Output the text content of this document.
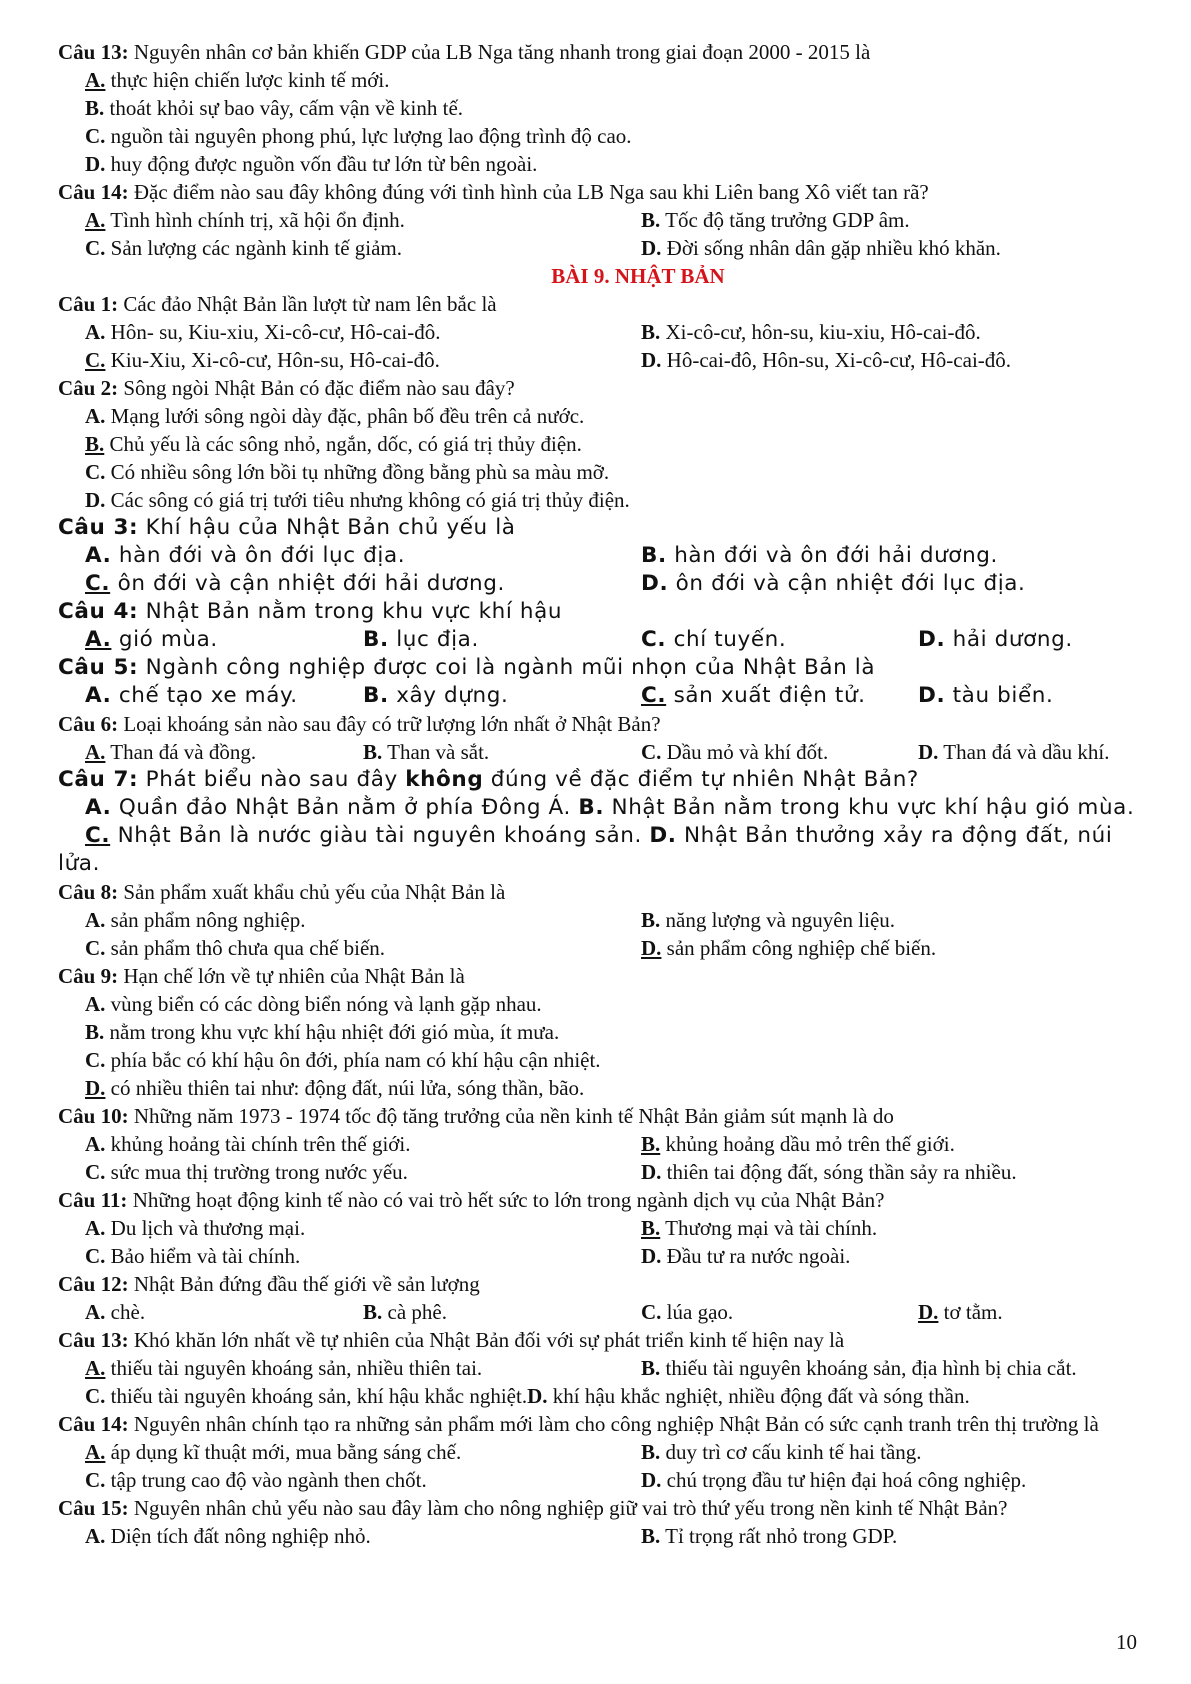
Câu 13: Nguyên nhân cơ bản khiến GDP của LB Nga tăng nhanh trong giai đoạn 2000 - 2015 là
A. thực hiện chiến lược kinh tế mới.
B. thoát khỏi sự bao vây, cấm vận về kinh tế.
C. nguồn tài nguyên phong phú, lực lượng lao động trình độ cao.
D. huy động được nguồn vốn đầu tư lớn từ bên ngoài.
Câu 14: Đặc điểm nào sau đây không đúng với tình hình của LB Nga sau khi Liên bang Xô viết tan rã?
A. Tình hình chính trị, xã hội ổn định.	B. Tốc độ tăng trưởng GDP âm.
C. Sản lượng các ngành kinh tế giảm.	D. Đời sống nhân dân gặp nhiều khó khăn.
BÀI 9. NHẬT BẢN
Câu 1: Các đảo Nhật Bản lần lượt từ nam lên bắc là
A. Hôn- su, Kiu-xiu, Xi-cô-cư, Hô-cai-đô.	B. Xi-cô-cư, hôn-su, kiu-xiu, Hô-cai-đô.
C. Kiu-Xiu, Xi-cô-cư, Hôn-su, Hô-cai-đô.	D. Hô-cai-đô, Hôn-su, Xi-cô-cư, Hô-cai-đô.
Câu 2: Sông ngòi Nhật Bản có đặc điểm nào sau đây?
A. Mạng lưới sông ngòi dày đặc, phân bố đều trên cả nước.
B. Chủ yếu là các sông nhỏ, ngắn, dốc, có giá trị thủy điện.
C. Có nhiều sông lớn bồi tụ những đồng bằng phù sa màu mỡ.
D. Các sông có giá trị tưới tiêu nhưng không có giá trị thủy điện.
Câu 3: Khí hậu của Nhật Bản chủ yếu là
A. hàn đới và ôn đới lục địa.	B. hàn đới và ôn đới hải dương.
C. ôn đới và cận nhiệt đới hải dương.	D. ôn đới và cận nhiệt đới lục địa.
Câu 4: Nhật Bản nằm trong khu vực khí hậu
A. gió mùa.	B. lục địa.	C. chí tuyến.	D. hải dương.
Câu 5: Ngành công nghiệp được coi là ngành mũi nhọn của Nhật Bản là
A. chế tạo xe máy.	B. xây dựng.	C. sản xuất điện tử. D. tàu biển.
Câu 6: Loại khoáng sản nào sau đây có trữ lượng lớn nhất ở Nhật Bản?
A. Than đá và đồng.	B. Than và sắt.	C. Dầu mỏ và khí đốt.	D. Than đá và dầu khí.
Câu 7: Phát biểu nào sau đây không đúng về đặc điểm tự nhiên Nhật Bản?
A. Quần đảo Nhật Bản nằm ở phía Đông Á. B. Nhật Bản nằm trong khu vực khí hậu gió mùa.
C. Nhật Bản là nước giàu tài nguyên khoáng sản. D. Nhật Bản thưởng xảy ra động đất, núi lửa.
Câu 8: Sản phẩm xuất khẩu chủ yếu của Nhật Bản là
A. sản phẩm nông nghiệp.	B. năng lượng và nguyên liệu.
C. sản phẩm thô chưa qua chế biến.	D. sản phẩm công nghiệp chế biến.
Câu 9: Hạn chế lớn về tự nhiên của Nhật Bản là
A. vùng biển có các dòng biển nóng và lạnh gặp nhau.
B. nằm trong khu vực khí hậu nhiệt đới gió mùa, ít mưa.
C. phía bắc có khí hậu ôn đới, phía nam có khí hậu cận nhiệt.
D. có nhiều thiên tai như: động đất, núi lửa, sóng thần, bão.
Câu 10: Những năm 1973 - 1974 tốc độ tăng trưởng của nền kinh tế Nhật Bản giảm sút mạnh là do
A. khủng hoảng tài chính trên thế giới.	B. khủng hoảng dầu mỏ trên thế giới.
C. sức mua thị trường trong nước yếu.	D. thiên tai động đất, sóng thần sảy ra nhiều.
Câu 11: Những hoạt động kinh tế nào có vai trò hết sức to lớn trong ngành dịch vụ của Nhật Bản?
A. Du lịch và thương mại.	B. Thương mại và tài chính.
C. Bảo hiểm và tài chính.	D. Đầu tư ra nước ngoài.
Câu 12: Nhật Bản đứng đầu thế giới về sản lượng
A. chè.	B. cà phê.	C. lúa gạo.	D. tơ tằm.
Câu 13: Khó khăn lớn nhất về tự nhiên của Nhật Bản đối với sự phát triển kinh tế hiện nay là
A. thiếu tài nguyên khoáng sản, nhiều thiên tai.	B. thiếu tài nguyên khoáng sản, địa hình bị chia cắt.
C. thiếu tài nguyên khoáng sản, khí hậu khắc nghiệt.D. khí hậu khắc nghiệt, nhiều động đất và sóng thần.
Câu 14: Nguyên nhân chính tạo ra những sản phẩm mới làm cho công nghiệp Nhật Bản có sức cạnh tranh trên thị trường là
A. áp dụng kĩ thuật mới, mua bằng sáng chế.	B. duy trì cơ cấu kinh tế hai tầng.
C. tập trung cao độ vào ngành then chốt.	D. chú trọng đầu tư hiện đại hoá công nghiệp.
Câu 15: Nguyên nhân chủ yếu nào sau đây làm cho nông nghiệp giữ vai trò thứ yếu trong nền kinh tế Nhật Bản?
A. Diện tích đất nông nghiệp nhỏ.	B. Tỉ trọng rất nhỏ trong GDP.
10
